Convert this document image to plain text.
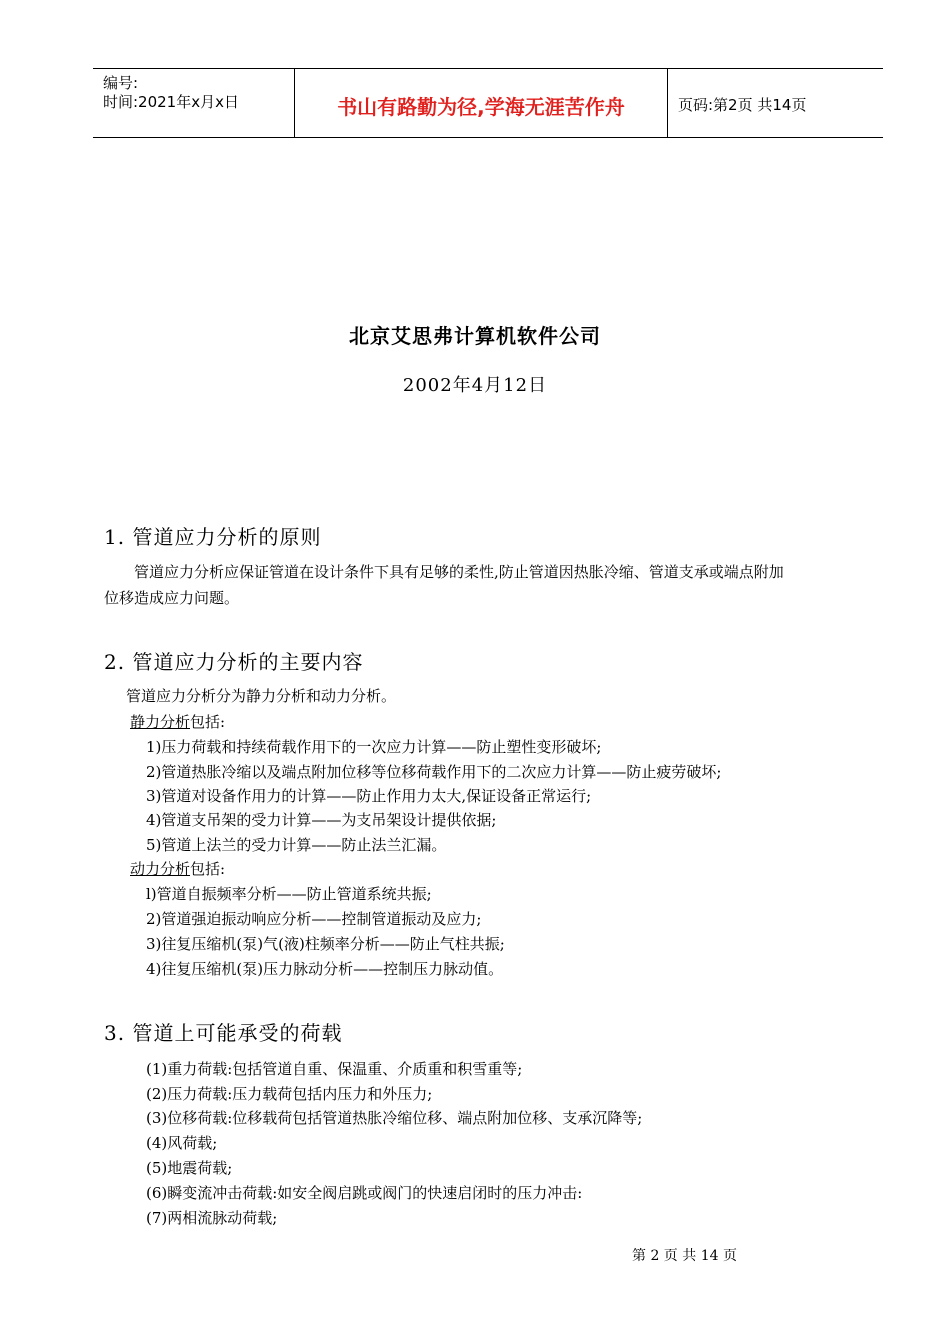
编号:
时间:2021年x月x日	书山有路勤为径,学海无涯苦作舟	页码:第2页 共14页
北京艾思弗计算机软件公司
2002年4月12日
1. 管道应力分析的原则
管道应力分析应保证管道在设计条件下具有足够的柔性,防止管道因热胀冷缩、管道支承或端点附加
位移造成应力问题。
2. 管道应力分析的主要内容
管道应力分析分为静力分析和动力分析。
静力分析包括:
1)压力荷载和持续荷载作用下的一次应力计算——防止塑性变形破坏;
2)管道热胀冷缩以及端点附加位移等位移荷载作用下的二次应力计算——防止疲劳破坏;
3)管道对设备作用力的计算——防止作用力太大,保证设备正常运行;
4)管道支吊架的受力计算——为支吊架设计提供依据;
5)管道上法兰的受力计算——防止法兰汇漏。
动力分析包括:
l)管道自振频率分析——防止管道系统共振;
2)管道强迫振动响应分析——控制管道振动及应力;
3)往复压缩机(泵)气(液)柱频率分析——防止气柱共振;
4)往复压缩机(泵)压力脉动分析——控制压力脉动值。
3. 管道上可能承受的荷载
(1)重力荷载:包括管道自重、保温重、介质重和积雪重等;
(2)压力荷载:压力载荷包括内压力和外压力;
(3)位移荷载:位移载荷包括管道热胀冷缩位移、端点附加位移、支承沉降等;
(4)风荷载;
(5)地震荷载;
(6)瞬变流冲击荷载:如安全阀启跳或阀门的快速启闭时的压力冲击:
(7)两相流脉动荷载;
第 2 页 共 14 页
